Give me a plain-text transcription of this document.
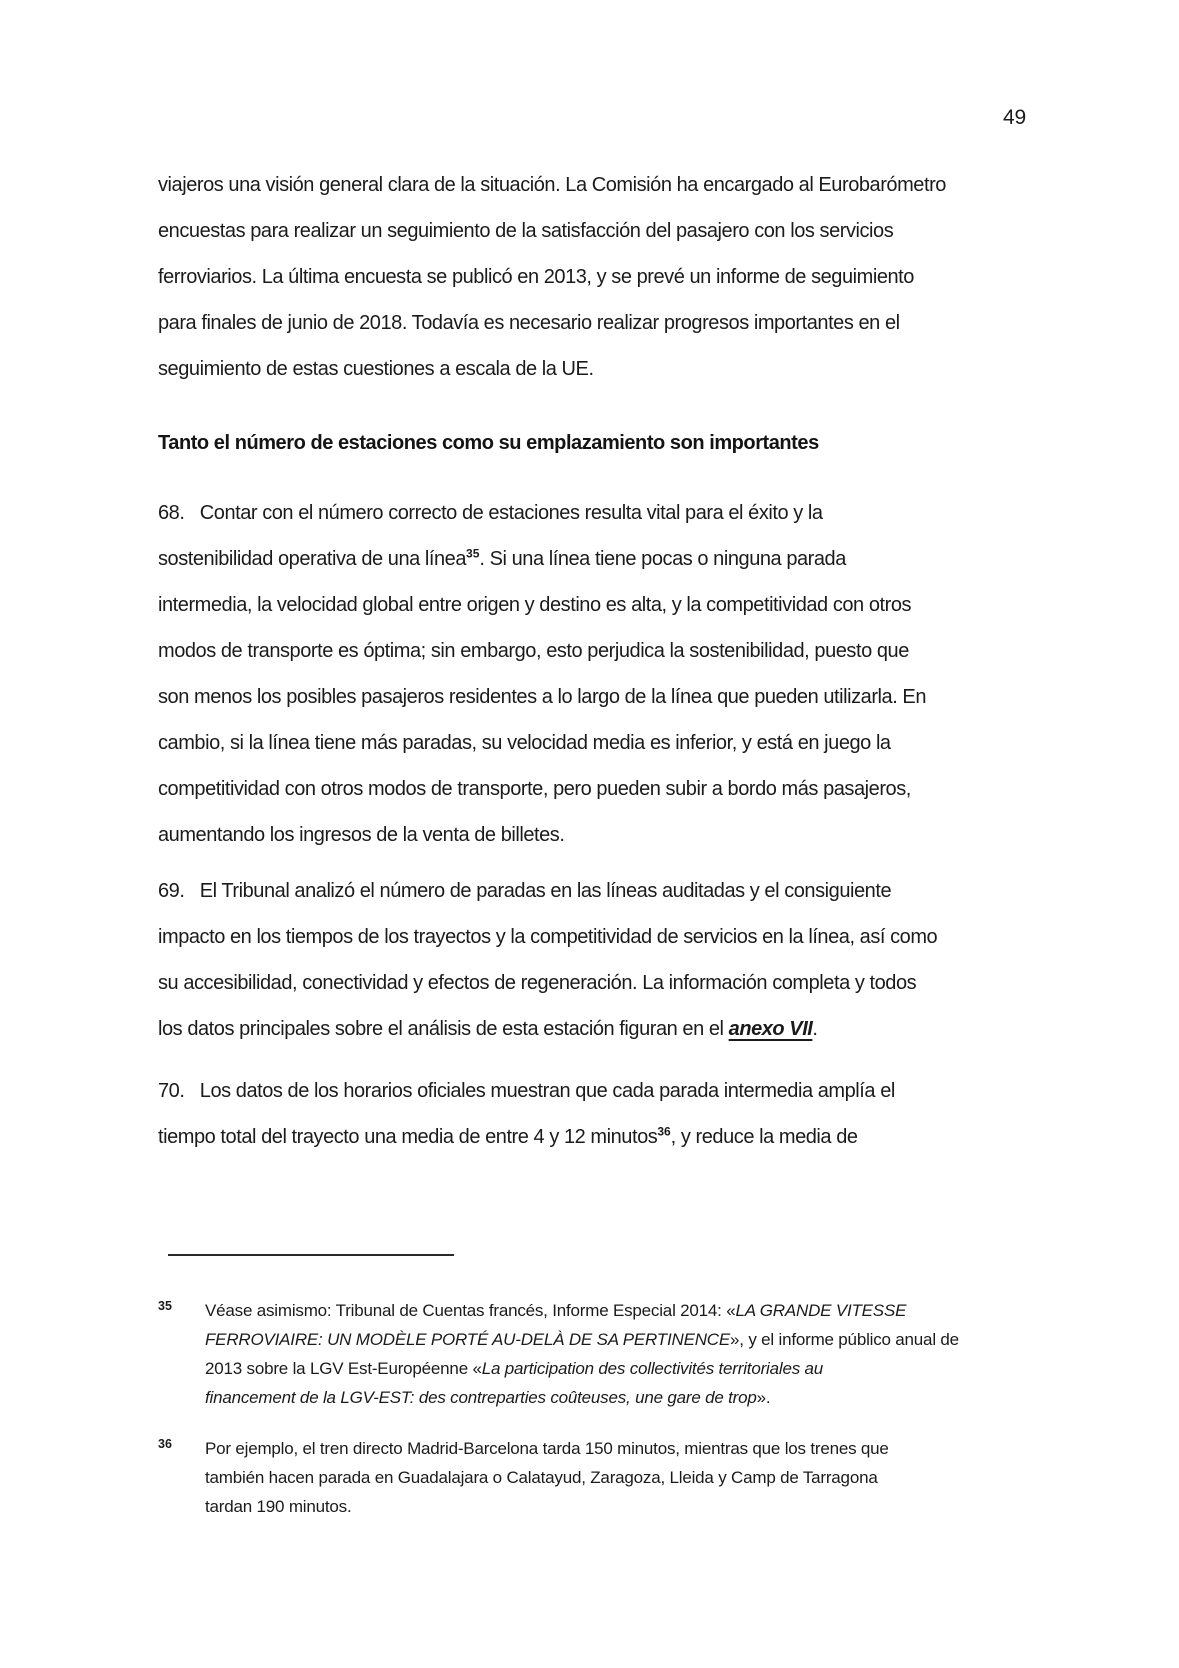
49

viajeros una visión general clara de la situación. La Comisión ha encargado al Eurobarómetro
encuestas para realizar un seguimiento de la satisfacción del pasajero con los servicios
ferroviarios. La última encuesta se publicó en 2013, y se prevé un informe de seguimiento
para finales de junio de 2018. Todavía es necesario realizar progresos importantes en el
seguimiento de estas cuestiones a escala de la UE.

Tanto el número de estaciones como su emplazamiento son importantes

68.   Contar con el número correcto de estaciones resulta vital para el éxito y la
sostenibilidad operativa de una línea$^{35}$. Si una línea tiene pocas o ninguna parada
intermedia, la velocidad global entre origen y destino es alta, y la competitividad con otros
modos de transporte es óptima; sin embargo, esto perjudica la sostenibilidad, puesto que
son menos los posibles pasajeros residentes a lo largo de la línea que pueden utilizarla. En
cambio, si la línea tiene más paradas, su velocidad media es inferior, y está en juego la
competitividad con otros modos de transporte, pero pueden subir a bordo más pasajeros,
aumentando los ingresos de la venta de billetes.

69.   El Tribunal analizó el número de paradas en las líneas auditadas y el consiguiente
impacto en los tiempos de los trayectos y la competitividad de servicios en la línea, así como
su accesibilidad, conectividad y efectos de regeneración. La información completa y todos
los datos principales sobre el análisis de esta estación figuran en el anexo VII.

70.   Los datos de los horarios oficiales muestran que cada parada intermedia amplía el
tiempo total del trayecto una media de entre 4 y 12 minutos$^{36}$, y reduce la media de

35	Véase asimismo: Tribunal de Cuentas francés, Informe Especial 2014: «LA GRANDE VITESSE
FERROVIAIRE: UN MODÈLE PORTÉ AU-DELÀ DE SA PERTINENCE», y el informe público anual de
2013 sobre la LGV Est-Européenne «La participation des collectivités territoriales au
financement de la LGV-EST: des contreparties coûteuses, une gare de trop».
36	Por ejemplo, el tren directo Madrid-Barcelona tarda 150 minutos, mientras que los trenes que
también hacen parada en Guadalajara o Calatayud, Zaragoza, Lleida y Camp de Tarragona
tardan 190 minutos.
